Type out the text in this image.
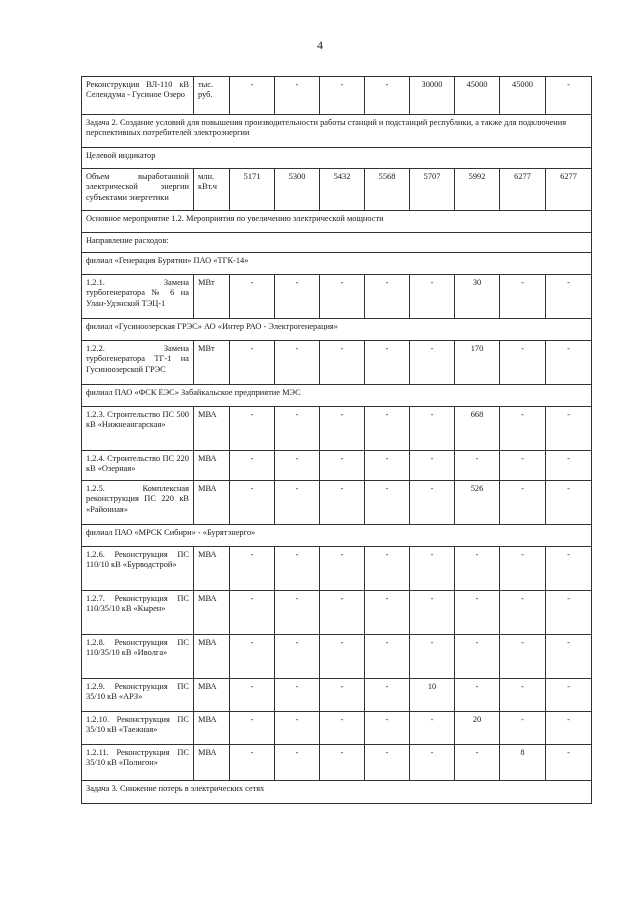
4
Реконструкция ВЛ-110 кВ Селендума - Гусиное Озеро	тыс. руб.	-	-	-	-	30000	45000	45000	-
Задача 2. Создание условий для повышения производительности работы станций и подстанций республики, а также для подключения перспективных потребителей электроэнергии									
Целевой индикатор									
Объем выработанной электрической энергии субъектами энергетики	млн. кВт.ч	5171	5300	5432	5568	5707	5992	6277	6277
Основное мероприятие 1.2. Мероприятия по увеличению электрической мощности									
Направление расходов:									
филиал «Генерация Бурятии» ПАО «ТГК-14»									
1.2.1. Замена турбогенератора № 6 на Улан-Удэнской ТЭЦ-1	МВт	-	-	-	-	-	30	-	-
филиал «Гусиноозерская ГРЭС» АО «Интер РАО - Электрогенерация»									
1.2.2. Замена турбогенератора ТГ-1 на Гусиноозерской ГРЭС	МВт	-	-	-	-	-	170	-	-
филиал ПАО «ФСК ЕЭС» Забайкальское предприятие МЭС									
1.2.3. Строительство ПС 500 кВ «Нижнеангарская»	МВА	-	-	-	-	-	668	-	-
1.2.4. Строительство ПС 220 кВ «Озерная»	МВА	-	-	-	-	-	-	-	-
1.2.5. Комплексная реконструкция ПС 220 кВ «Районная»	МВА	-	-	-	-	-	526	-	-
филиал ПАО «МРСК Сибири» - «Бурятэнерго»									
1.2.6. Реконструкция ПС 110/10 кВ «Бурводстрой»	МВА	-	-	-	-	-	-	-	-
1.2.7. Реконструкция ПС 110/35/10 кВ «Кырен»	МВА	-	-	-	-	-	-	-	-
1.2.8. Реконструкция ПС 110/35/10 кВ «Иволга»	МВА	-	-	-	-	-	-	-	-
1.2.9. Реконструкция ПС 35/10 кВ «АРЗ»	МВА	-	-	-	-	10	-	-	-
1.2.10. Реконструкция ПС 35/10 кВ «Таежная»	МВА	-	-	-	-	-	20	-	-
1.2.11. Реконструкция ПС 35/10 кВ «Полигон»	МВА	-	-	-	-	-	-	8	-
Задача 3. Снижение потерь в электрических сетях									
